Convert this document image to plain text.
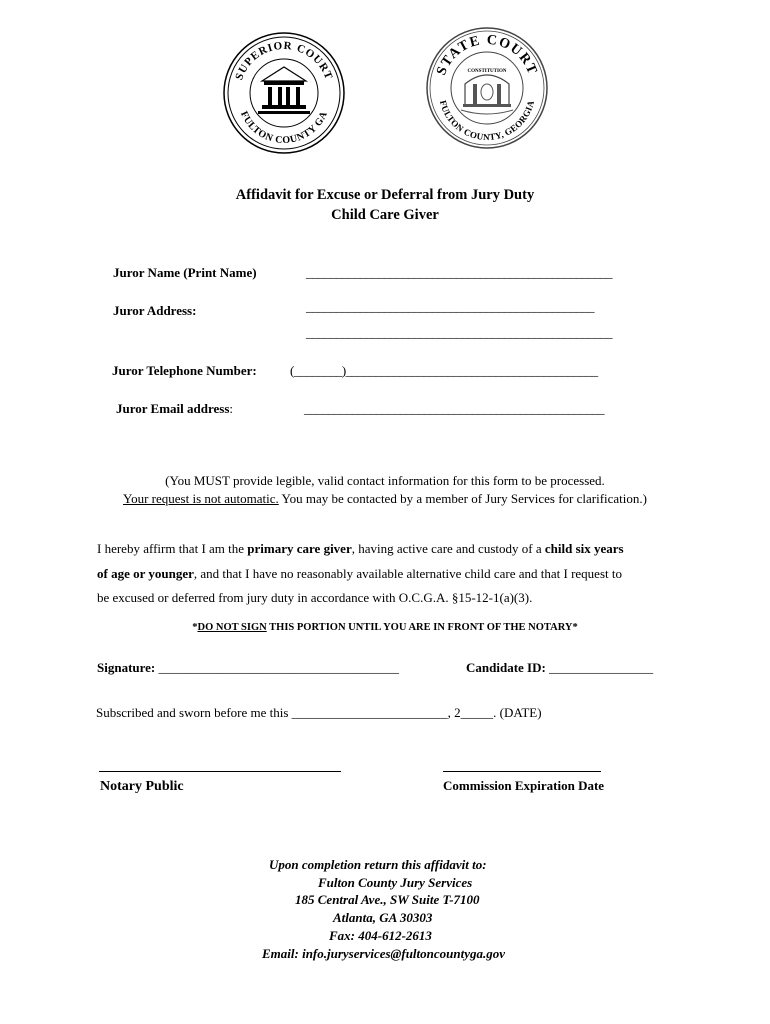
SUPERIOR COURT
FULTON COUNTY GA
STATE COURT
FULTON COUNTY, GEORGIA
CONSTITUTION
Affidavit for Excuse or Deferral from Jury Duty
Child Care Giver
Juror Name (Print Name)	___________________________________________________
Juror Address:	________________________________________________
___________________________________________________
Juror Telephone Number:	(________)__________________________________________
Juror Email address:	__________________________________________________
(You MUST provide legible, valid contact information for this form to be processed.
Your request is not automatic. You may be contacted by a member of Jury Services for clarification.)
I hereby affirm that I am the primary care giver, having active care and custody of a child six years
of age or younger, and that I have no reasonably available alternative child care and that I request to
be excused or deferred from jury duty in accordance with O.C.G.A. §15-12-1(a)(3).
*DO NOT SIGN THIS PORTION UNTIL YOU ARE IN FRONT OF THE NOTARY*
Signature: _____________________________________	Candidate ID: ________________
Subscribed and sworn before me this ________________________, 2_____. (DATE)
Notary Public	Commission Expiration Date
Upon completion return this affidavit to:
Fulton County Jury Services
185 Central Ave., SW Suite T-7100
Atlanta, GA 30303
Fax: 404-612-2613
Email: info.juryservices@fultoncountyga.gov
